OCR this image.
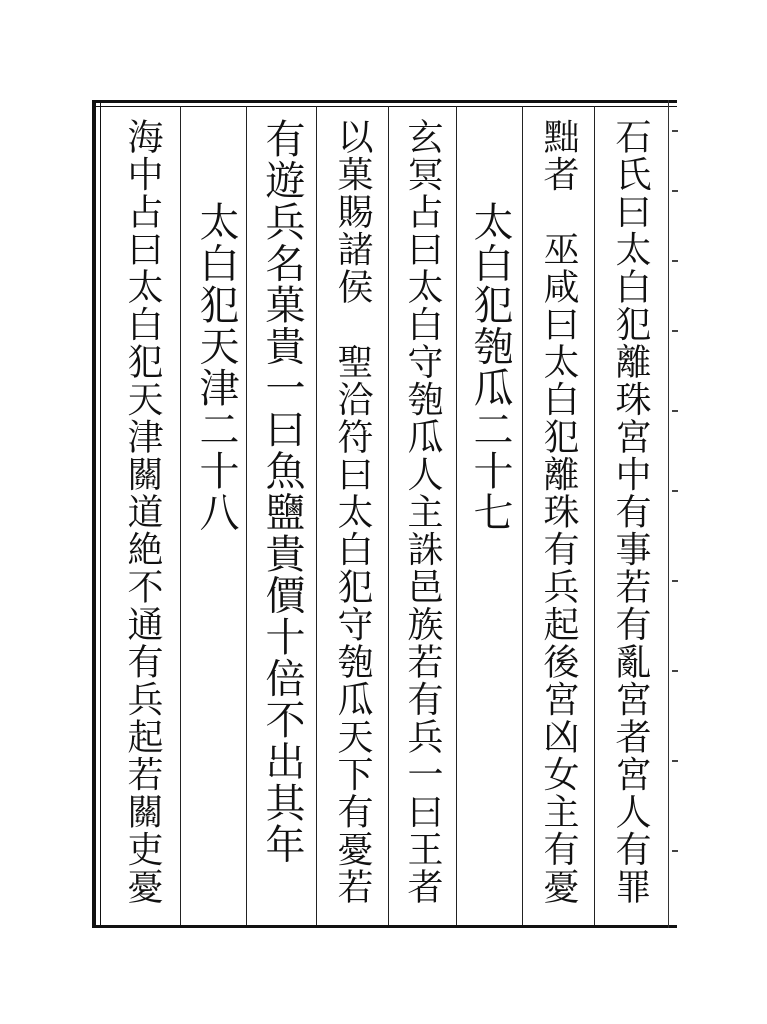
石氏曰太白犯離珠宮中有事若有亂宮者宮人有罪
黜者　巫咸曰太白犯離珠有兵起後宮凶女主有憂
　　太白犯匏瓜二十七
玄冥占曰太白守匏瓜人主誅邑族若有兵一曰王者
以菓賜諸侯　聖洽符曰太白犯守匏瓜天下有憂若
有遊兵名菓貴一曰魚鹽貴價十倍不出其年
　　太白犯天津二十八
海中占曰太白犯天津關道絶不通有兵起若關吏憂
